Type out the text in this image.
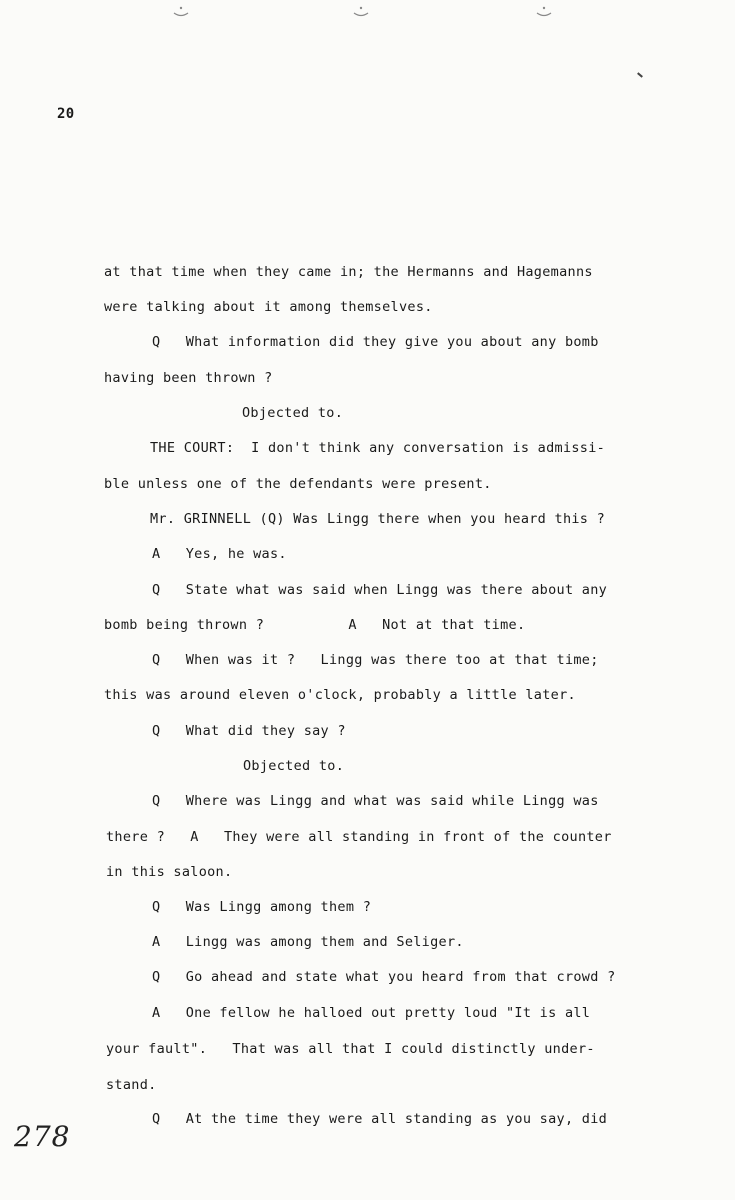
20
at that time when they came in; the Hermanns and Hagemanns
were talking about it among themselves.
Q   What information did they give you about any bomb
having been thrown ?
Objected to.
THE COURT:  I don't think any conversation is admissi-
ble unless one of the defendants were present.
Mr. GRINNELL (Q) Was Lingg there when you heard this ?
A   Yes, he was.
Q   State what was said when Lingg was there about any
bomb being thrown ?          A   Not at that time.
Q   When was it ?   Lingg was there too at that time;
this was around eleven o'clock, probably a little later.
Q   What did they say ?
Objected to.
Q   Where was Lingg and what was said while Lingg was
there ?   A   They were all standing in front of the counter
in this saloon.
Q   Was Lingg among them ?
A   Lingg was among them and Seliger.
Q   Go ahead and state what you heard from that crowd ?
A   One fellow he halloed out pretty loud "It is all
your fault".   That was all that I could distinctly under-
stand.
Q   At the time they were all standing as you say, did
278
